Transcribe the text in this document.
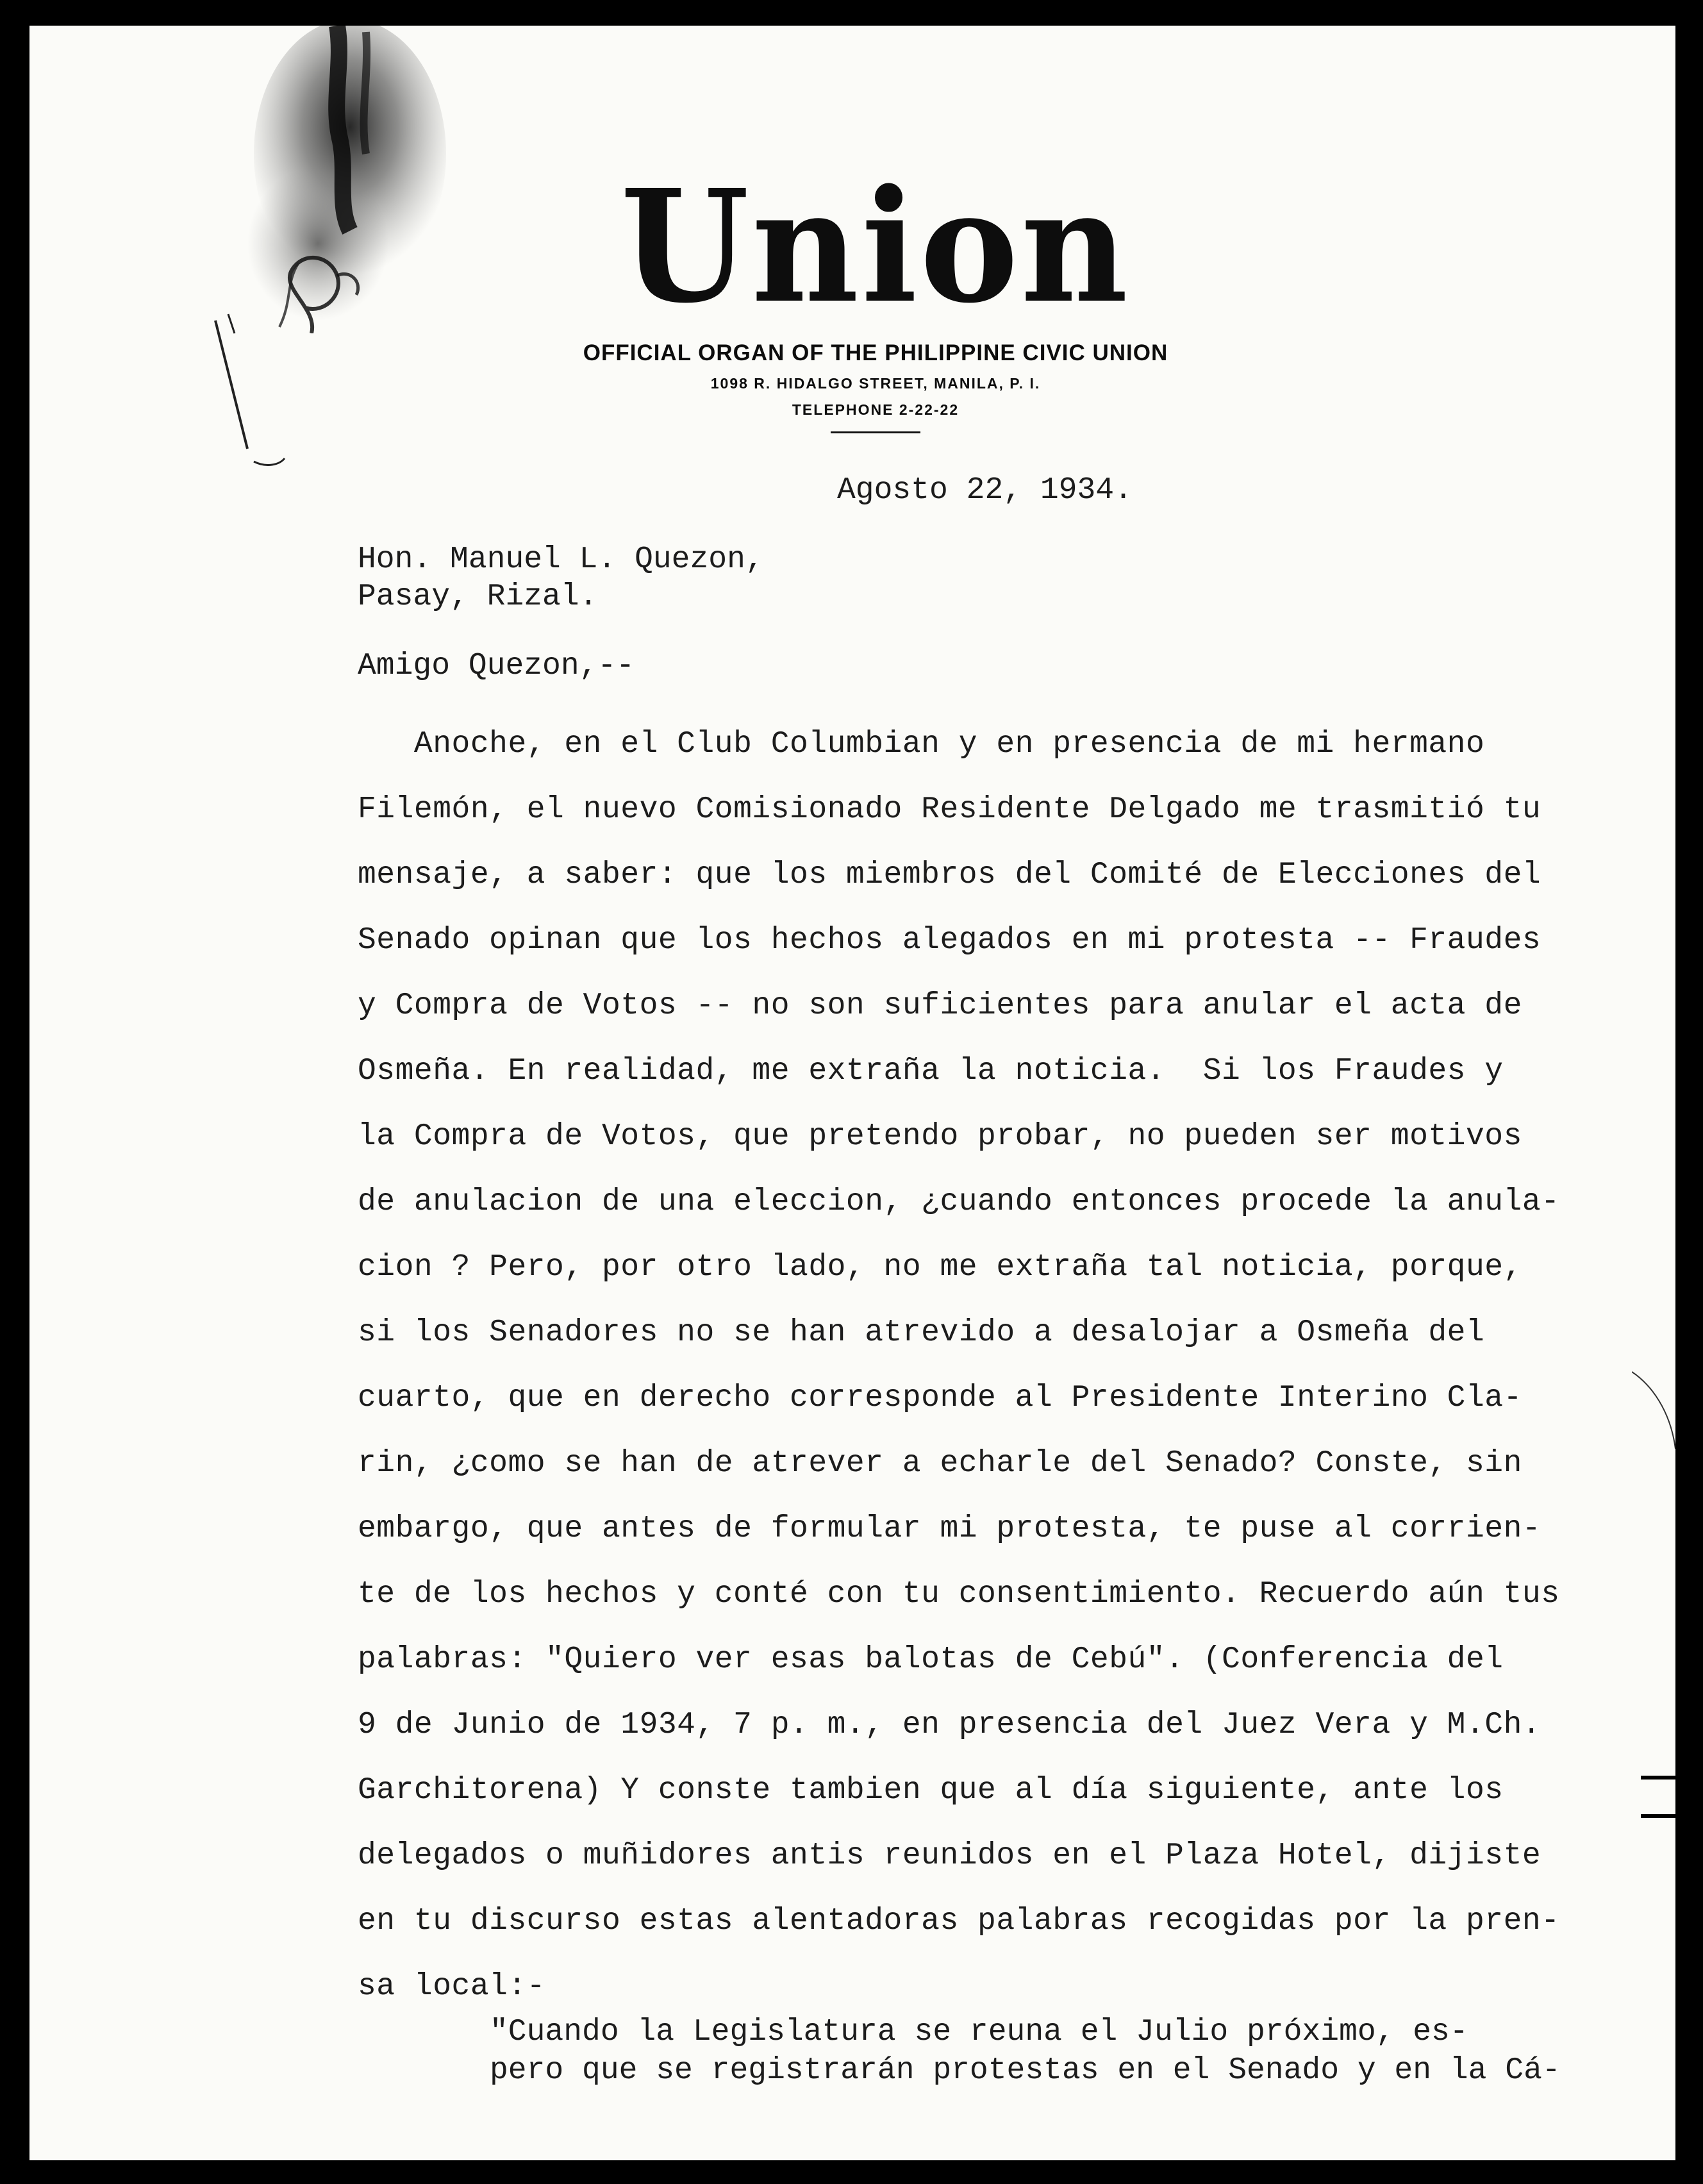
Union
OFFICIAL ORGAN OF THE PHILIPPINE CIVIC UNION
1098 R. HIDALGO STREET, MANILA, P. I.
TELEPHONE 2-22-22
Agosto 22, 1934.
Hon. Manuel L. Quezon,
Pasay, Rizal.
Amigo Quezon,--
Anoche, en el Club Columbian y en presencia de mi hermano
Filemón, el nuevo Comisionado Residente Delgado me trasmitió tu
mensaje, a saber: que los miembros del Comité de Elecciones del
Senado opinan que los hechos alegados en mi protesta -- Fraudes
y Compra de Votos -- no son suficientes para anular el acta de
Osmeña. En realidad, me extraña la noticia.  Si los Fraudes y
la Compra de Votos, que pretendo probar, no pueden ser motivos
de anulacion de una eleccion, ¿cuando entonces procede la anula-
cion ? Pero, por otro lado, no me extraña tal noticia, porque,
si los Senadores no se han atrevido a desalojar a Osmeña del
cuarto, que en derecho corresponde al Presidente Interino Cla-
rin, ¿como se han de atrever a echarle del Senado? Conste, sin
embargo, que antes de formular mi protesta, te puse al corrien-
te de los hechos y conté con tu consentimiento. Recuerdo aún tus
palabras: "Quiero ver esas balotas de Cebú". (Conferencia del
9 de Junio de 1934, 7 p. m., en presencia del Juez Vera y M.Ch.
Garchitorena) Y conste tambien que al día siguiente, ante los
delegados o muñidores antis reunidos en el Plaza Hotel, dijiste
en tu discurso estas alentadoras palabras recogidas por la pren-
sa local:-
"Cuando la Legislatura se reuna el Julio próximo, es-
pero que se registrarán protestas en el Senado y en la Cá-
